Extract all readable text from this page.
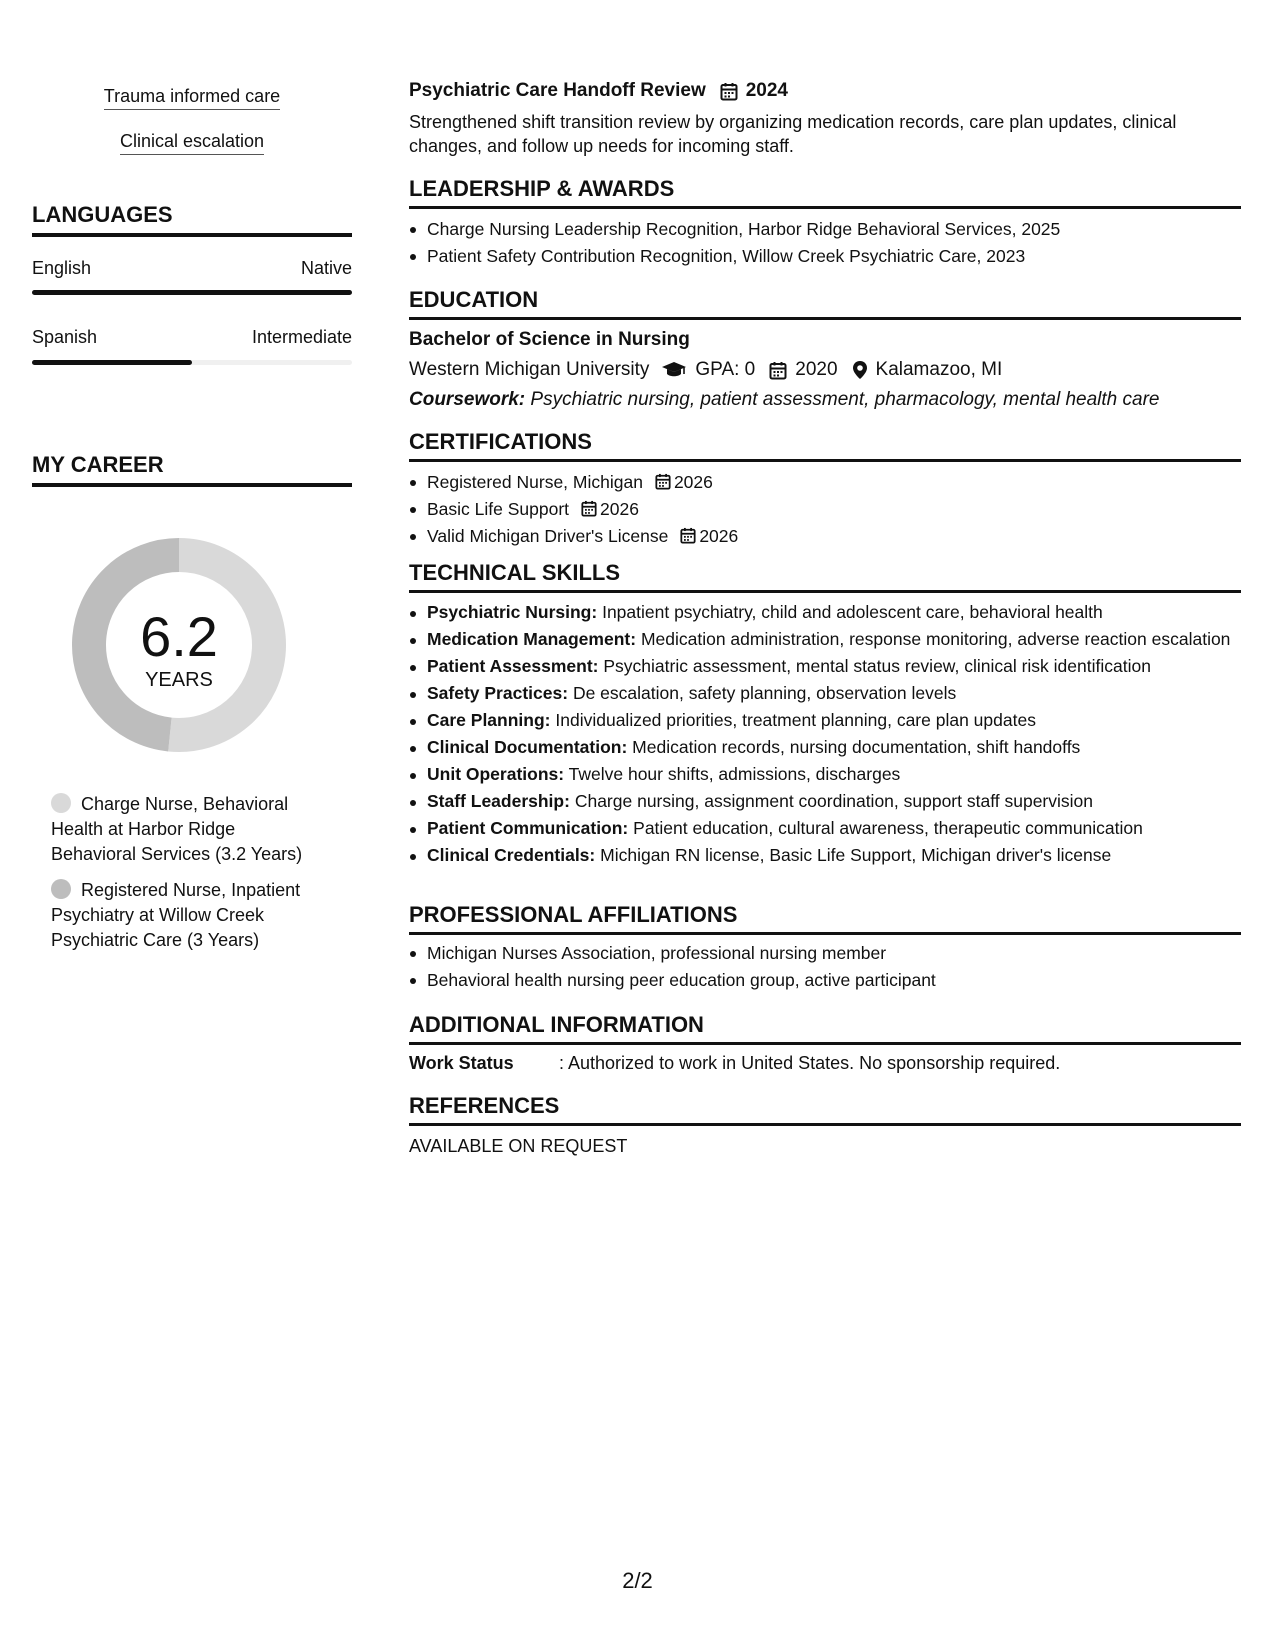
Trauma informed care
Clinical escalation
LANGUAGES
English	Native
Spanish	Intermediate
MY CAREER
6.2
YEARS
Charge Nurse, Behavioral Health at Harbor Ridge Behavioral Services (3.2 Years)
Registered Nurse, Inpatient Psychiatry at Willow Creek Psychiatric Care (3 Years)
Psychiatric Care Handoff Review 2024
Strengthened shift transition review by organizing medication records, care plan updates, clinical changes, and follow up needs for incoming staff.
LEADERSHIP & AWARDS
Charge Nursing Leadership Recognition, Harbor Ridge Behavioral Services, 2025
Patient Safety Contribution Recognition, Willow Creek Psychiatric Care, 2023
EDUCATION
Bachelor of Science in Nursing
Western Michigan University GPA: 0 2020 Kalamazoo, MI
Coursework: Psychiatric nursing, patient assessment, pharmacology, mental health care
CERTIFICATIONS
Registered Nurse, Michigan 2026
Basic Life Support 2026
Valid Michigan Driver's License 2026
TECHNICAL SKILLS
Psychiatric Nursing: Inpatient psychiatry, child and adolescent care, behavioral health
Medication Management: Medication administration, response monitoring, adverse reaction escalation
Patient Assessment: Psychiatric assessment, mental status review, clinical risk identification
Safety Practices: De escalation, safety planning, observation levels
Care Planning: Individualized priorities, treatment planning, care plan updates
Clinical Documentation: Medication records, nursing documentation, shift handoffs
Unit Operations: Twelve hour shifts, admissions, discharges
Staff Leadership: Charge nursing, assignment coordination, support staff supervision
Patient Communication: Patient education, cultural awareness, therapeutic communication
Clinical Credentials: Michigan RN license, Basic Life Support, Michigan driver's license
PROFESSIONAL AFFILIATIONS
Michigan Nurses Association, professional nursing member
Behavioral health nursing peer education group, active participant
ADDITIONAL INFORMATION
Work Status	: Authorized to work in United States. No sponsorship required.
REFERENCES
AVAILABLE ON REQUEST
2/2
